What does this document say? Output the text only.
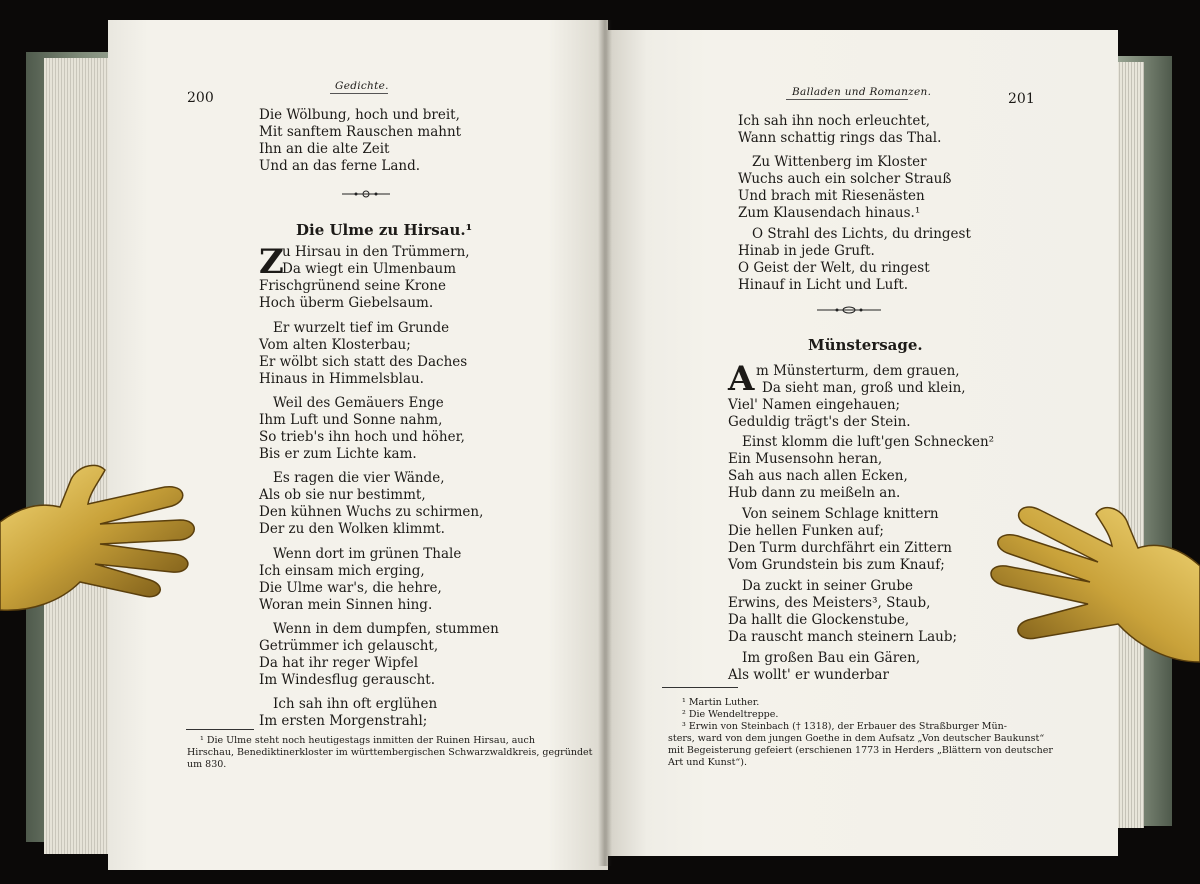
200
Gedichte.
Die Wölbung, hoch und breit,
Mit sanftem Rauschen mahnt
Ihn an die alte Zeit
Und an das ferne Land.
Die Ulme zu Hirsau.¹
Z
u Hirsau in den Trümmern,
Da wiegt ein Ulmenbaum
Frischgrünend seine Krone
Hoch überm Giebelsaum.
Er wurzelt tief im Grunde
Vom alten Klosterbau;
Er wölbt sich statt des Daches
Hinaus in Himmelsblau.
Weil des Gemäuers Enge
Ihm Luft und Sonne nahm,
So trieb's ihn hoch und höher,
Bis er zum Lichte kam.
Es ragen die vier Wände,
Als ob sie nur bestimmt,
Den kühnen Wuchs zu schirmen,
Der zu den Wolken klimmt.
Wenn dort im grünen Thale
Ich einsam mich erging,
Die Ulme war's, die hehre,
Woran mein Sinnen hing.
Wenn in dem dumpfen, stummen
Getrümmer ich gelauscht,
Da hat ihr reger Wipfel
Im Windesflug gerauscht.
Ich sah ihn oft erglühen
Im ersten Morgenstrahl;
¹ Die Ulme steht noch heutigestags inmitten der Ruinen Hirsau, auch
Hirschau, Benediktinerkloster im württembergischen Schwarzwaldkreis, gegründet
um 830.
Balladen und Romanzen.	201
Ich sah ihn noch erleuchtet,
Wann schattig rings das Thal.
Zu Wittenberg im Kloster
Wuchs auch ein solcher Strauß
Und brach mit Riesenästen
Zum Klausendach hinaus.¹
O Strahl des Lichts, du dringest
Hinab in jede Gruft.
O Geist der Welt, du ringest
Hinauf in Licht und Luft.
Münstersage.
A m Münsterturm, dem grauen,
Da sieht man, groß und klein,
Viel' Namen eingehauen;
Geduldig trägt's der Stein.
Einst klomm die luft'gen Schnecken²
Ein Musensohn heran,
Sah aus nach allen Ecken,
Hub dann zu meißeln an.
Von seinem Schlage knittern
Die hellen Funken auf;
Den Turm durchfährt ein Zittern
Vom Grundstein bis zum Knauf;
Da zuckt in seiner Grube
Erwins, des Meisters³, Staub,
Da hallt die Glockenstube,
Da rauscht manch steinern Laub;
Im großen Bau ein Gären,
Als wollt' er wunderbar
¹ Martin Luther.
² Die Wendeltreppe.
³ Erwin von Steinbach († 1318), der Erbauer des Straßburger Mün-
sters, ward von dem jungen Goethe in dem Aufsatz „Von deutscher Baukunst“
mit Begeisterung gefeiert (erschienen 1773 in Herders „Blättern von deutscher
Art und Kunst“).
